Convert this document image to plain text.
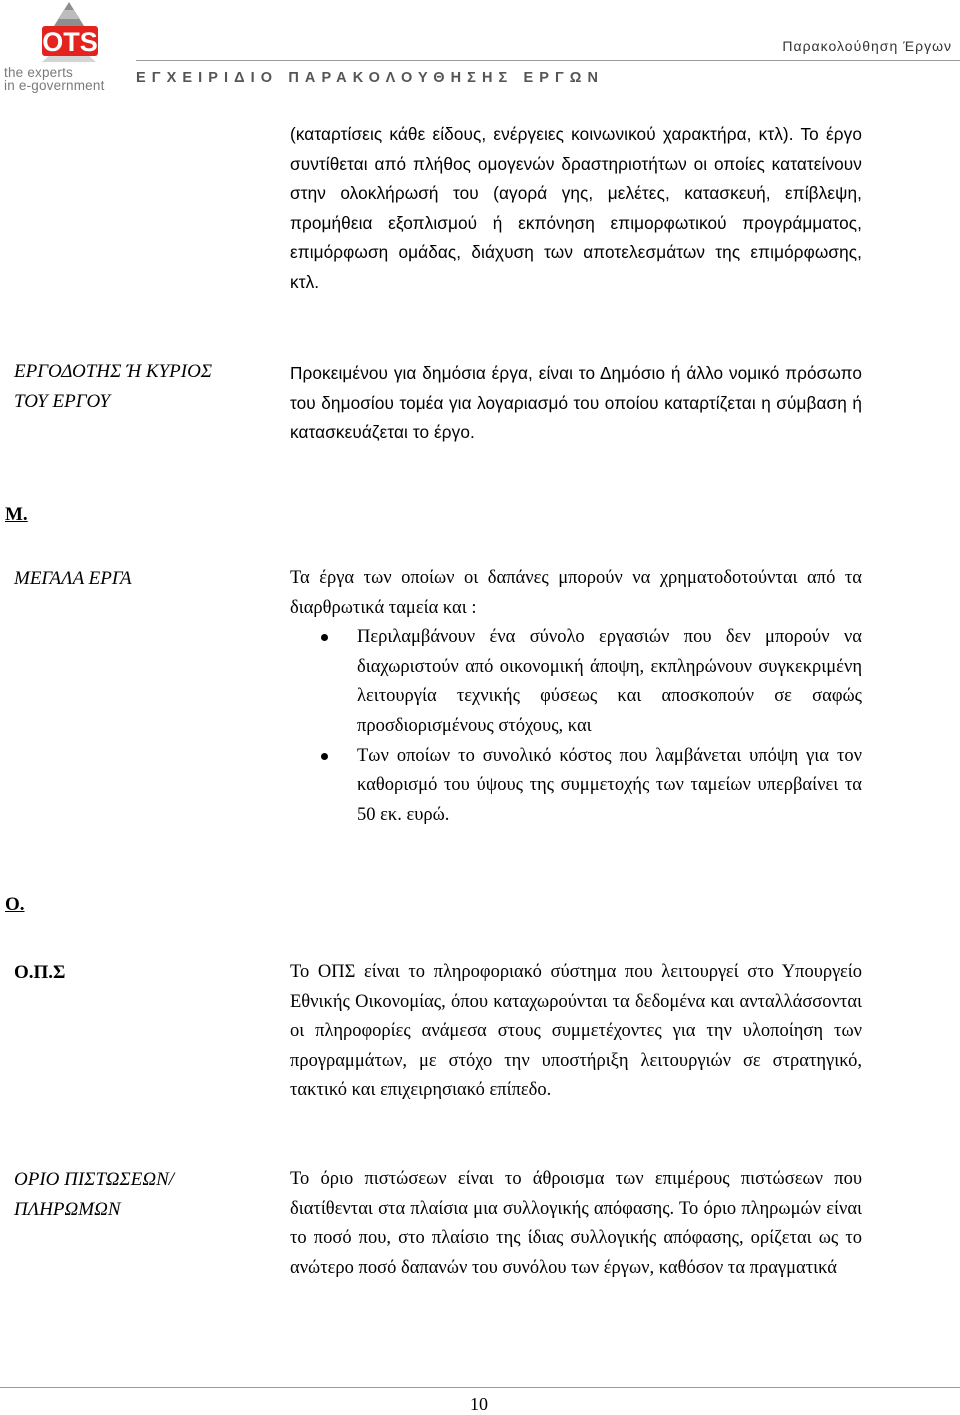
OTS
the experts
in e-government
Παρακολούθηση Έργων
ΕΓΧΕΙΡΙΔΙΟ ΠΑΡΑΚΟΛΟΥΘΗΣΗΣ ΕΡΓΩΝ
(καταρτίσεις κάθε είδους, ενέργειες κοινωνικού χαρακτήρα, κτλ). Το έργο συντίθεται από πλήθος ομογενών δραστηριοτήτων οι οποίες κατατείνουν στην ολοκλήρωσή του (αγορά γης, μελέτες, κατασκευή, επίβλεψη, προμήθεια εξοπλισμού ή εκπόνηση επιμορφωτικού προγράμματος, επιμόρφωση ομάδας, διάχυση των αποτελεσμάτων της επιμόρφωσης, κτλ.
ΕΡΓΟΔΟΤΗΣ Ή ΚΥΡΙΟΣ
ΤΟΥ ΕΡΓΟΥ
Προκειμένου για δημόσια έργα, είναι το Δημόσιο ή άλλο νομικό πρόσωπο του δημοσίου τομέα για λογαριασμό του οποίου καταρτίζεται η σύμβαση ή κατασκευάζεται το έργο.
Μ.
ΜΕΓΑΛΑ ΕΡΓΑ	Τα έργα των οποίων οι δαπάνες μπορούν να χρηματοδοτούνται από τα διαρθρωτικά ταμεία και :
Περιλαμβάνουν ένα σύνολο εργασιών που δεν μπορούν να διαχωριστούν από οικονομική άποψη, εκπληρώνουν συγκεκριμένη λειτουργία τεχνικής φύσεως και αποσκοπούν σε σαφώς προσδιορισμένους στόχους, και
Των οποίων το συνολικό κόστος που λαμβάνεται υπόψη για τον καθορισμό του ύψους της συμμετοχής των ταμείων υπερβαίνει τα 50 εκ. ευρώ.
Ο.
Ο.Π.Σ	Το ΟΠΣ είναι το πληροφοριακό σύστημα που λειτουργεί στο Υπουργείο Εθνικής Οικονομίας, όπου καταχωρούνται τα δεδομένα και ανταλλάσσονται οι πληροφορίες ανάμεσα στους συμμετέχοντες για την υλοποίηση των προγραμμάτων, με στόχο την υποστήριξη λειτουργιών σε στρατηγικό, τακτικό και επιχειρησιακό επίπεδο.
ΟΡΙΟ ΠΙΣΤΩΣΕΩΝ/
ΠΛΗΡΩΜΩΝ
Το όριο πιστώσεων είναι το άθροισμα των επιμέρους πιστώσεων που διατίθενται στα πλαίσια μια συλλογικής απόφασης. Το όριο πληρωμών είναι το ποσό που, στο πλαίσιο της ίδιας συλλογικής απόφασης, ορίζεται ως το ανώτερο ποσό δαπανών του συνόλου των έργων, καθόσον τα πραγματικά
10
